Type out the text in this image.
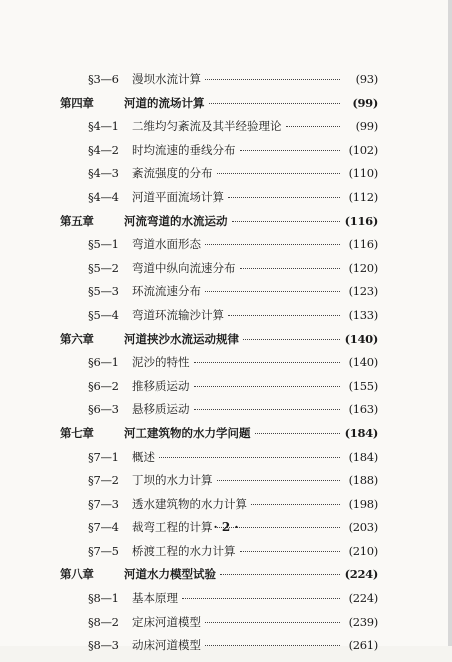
§3—6	漫坝水流计算	(93)
第四章	河道的流场计算	(99)
§4—1	二维均匀紊流及其半经验理论	(99)
§4—2	时均流速的垂线分布	(102)
§4—3	紊流强度的分布	(110)
§4—4	河道平面流场计算	(112)
第五章	河流弯道的水流运动	(116)
§5—1	弯道水面形态	(116)
§5—2	弯道中纵向流速分布	(120)
§5—3	环流流速分布	(123)
§5—4	弯道环流输沙计算	(133)
第六章	河道挟沙水流运动规律	(140)
§6—1	泥沙的特性	(140)
§6—2	推移质运动	(155)
§6—3	悬移质运动	(163)
第七章	河工建筑物的水力学问题	(184)
§7—1	概述	(184)
§7—2	丁坝的水力计算	(188)
§7—3	透水建筑物的水力计算	(198)
§7—4	裁弯工程的计算	(203)
§7—5	桥渡工程的水力计算	(210)
第八章	河道水力模型试验	(224)
§8—1	基本原理	(224)
§8—2	定床河道模型	(239)
§8—3	动床河道模型	(261)
· 2 ·
